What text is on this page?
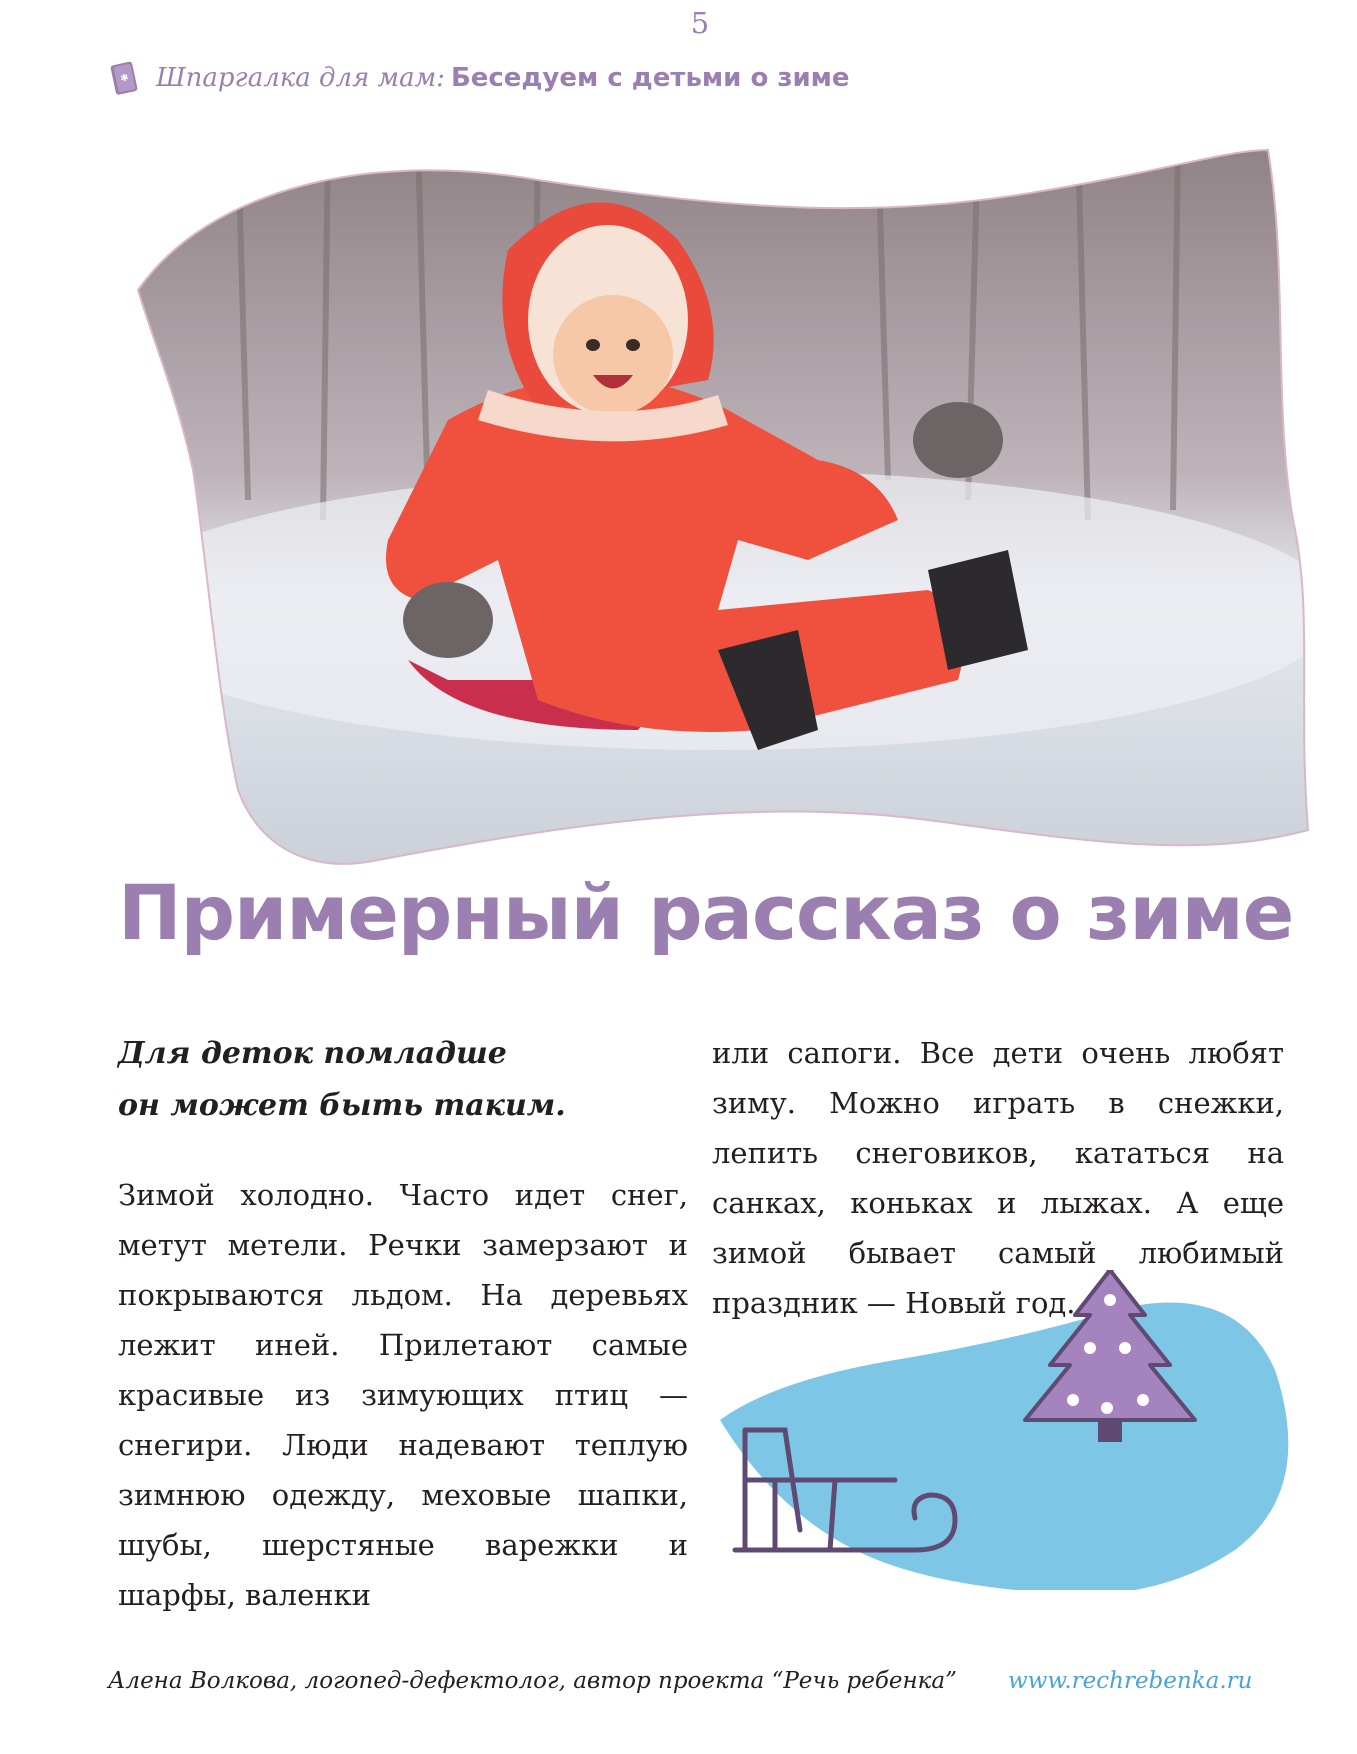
5
✱ Шпаргалка для мам: Беседуем с детьми о зиме
Примерный рассказ о зиме

Для деток помладше
он может быть таким.

Зимой холодно. Часто идет снег, метут метели. Речки замерзают и покрываются льдом. На деревьях лежит иней. Прилетают самые красивые из зимующих птиц — снегири. Люди надевают теплую зимнюю одежду, меховые шапки, шубы, шерстяные варежки и шарфы, валенки

или сапоги. Все дети очень любят зиму. Можно играть в снежки, лепить снеговиков, кататься на санках, коньках и лыжах. А еще зимой бывает самый любимый праздник — Новый год.

Алена Волкова, логопед-дефектолог, автор проекта “Речь ребенка” www.rechrebenka.ru
